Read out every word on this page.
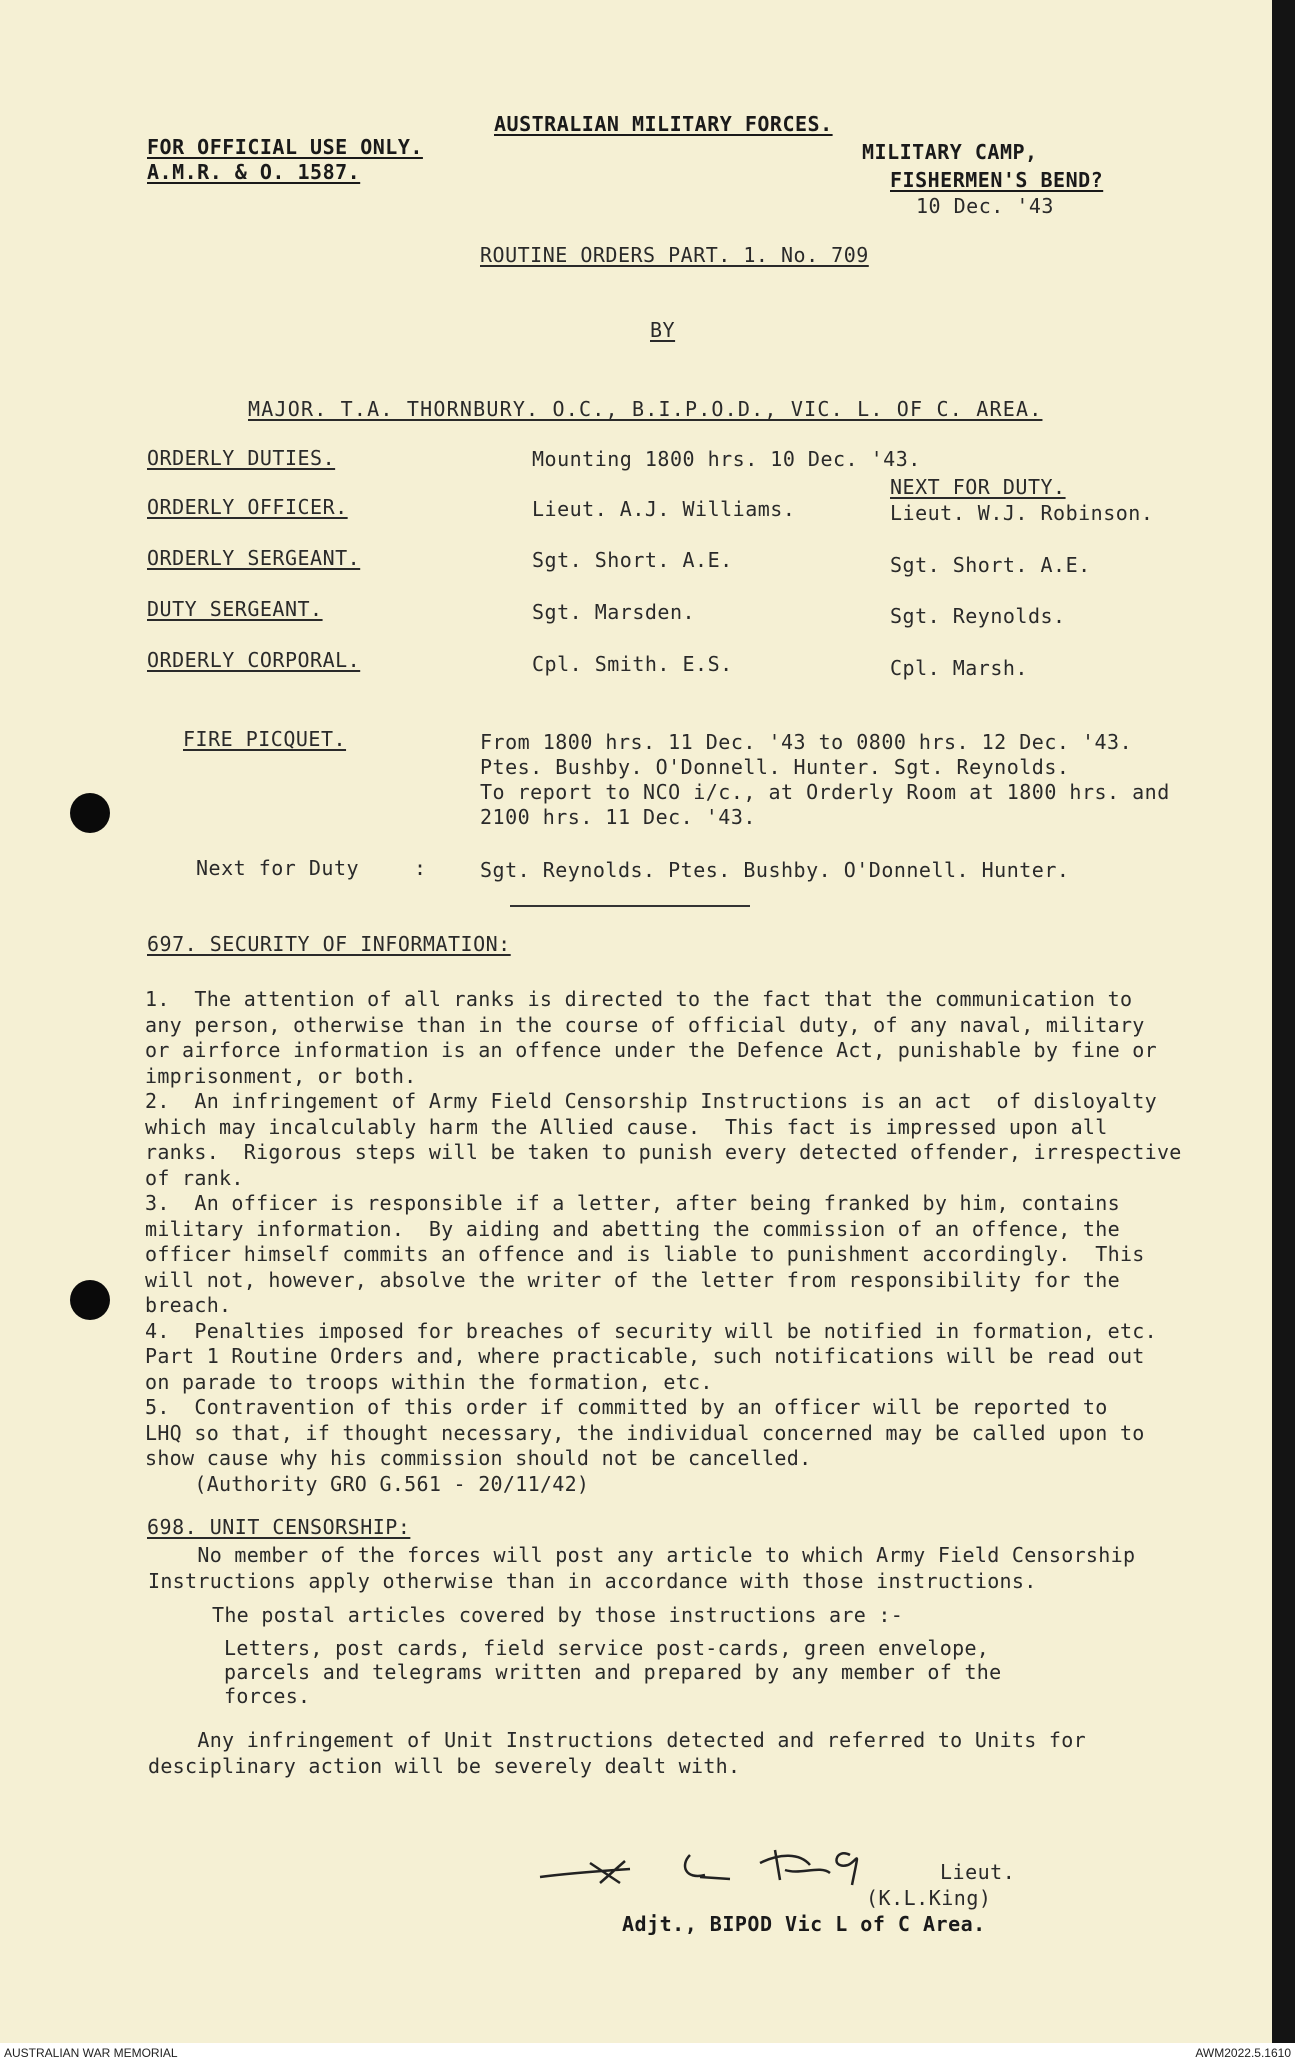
AUSTRALIAN MILITARY FORCES.
FOR OFFICIAL USE ONLY.
A.M.R. & O. 1587.
MILITARY CAMP,
FISHERMEN'S BEND?
10 Dec. '43
ROUTINE ORDERS PART. 1. No. 709
BY
MAJOR. T.A. THORNBURY. O.C., B.I.P.O.D., VIC. L. OF C. AREA.
ORDERLY DUTIES.	Mounting 1800 hrs. 10 Dec. '43.
NEXT FOR DUTY.
ORDERLY OFFICER.	Lieut. A.J. Williams.	Lieut. W.J. Robinson.
ORDERLY SERGEANT.	Sgt. Short. A.E.	Sgt. Short. A.E.
DUTY SERGEANT.	Sgt. Marsden.	Sgt. Reynolds.
ORDERLY CORPORAL.	Cpl. Smith. E.S.	Cpl. Marsh.
FIRE PICQUET.	From 1800 hrs. 11 Dec. '43 to 0800 hrs. 12 Dec. '43.
Ptes. Bushby. O'Donnell. Hunter. Sgt. Reynolds.
To report to NCO i/c., at Orderly Room at 1800 hrs. and
2100 hrs. 11 Dec. '43.
Next for Duty	:	Sgt. Reynolds. Ptes. Bushby. O'Donnell. Hunter.
697. SECURITY OF INFORMATION:
1.  The attention of all ranks is directed to the fact that the communication to
any person, otherwise than in the course of official duty, of any naval, military
or airforce information is an offence under the Defence Act, punishable by fine or
imprisonment, or both.
2.  An infringement of Army Field Censorship Instructions is an act  of disloyalty
which may incalculably harm the Allied cause.  This fact is impressed upon all
ranks.  Rigorous steps will be taken to punish every detected offender, irrespective
of rank.
3.  An officer is responsible if a letter, after being franked by him, contains
military information.  By aiding and abetting the commission of an offence, the
officer himself commits an offence and is liable to punishment accordingly.  This
will not, however, absolve the writer of the letter from responsibility for the
breach.
4.  Penalties imposed for breaches of security will be notified in formation, etc.
Part 1 Routine Orders and, where practicable, such notifications will be read out
on parade to troops within the formation, etc.
5.  Contravention of this order if committed by an officer will be reported to
LHQ so that, if thought necessary, the individual concerned may be called upon to
show cause why his commission should not be cancelled.
(Authority GRO G.561 - 20/11/42)
698. UNIT CENSORSHIP:
No member of the forces will post any article to which Army Field Censorship
Instructions apply otherwise than in accordance with those instructions.
The postal articles covered by those instructions are :-
Letters, post cards, field service post-cards, green envelope,
parcels and telegrams written and prepared by any member of the
forces.
Any infringement of Unit Instructions detected and referred to Units for
desciplinary action will be severely dealt with.
Lieut.
(K.L.King)
Adjt., BIPOD Vic L of C Area.
AUSTRALIAN WAR MEMORIAL	AWM2022.5.1610
